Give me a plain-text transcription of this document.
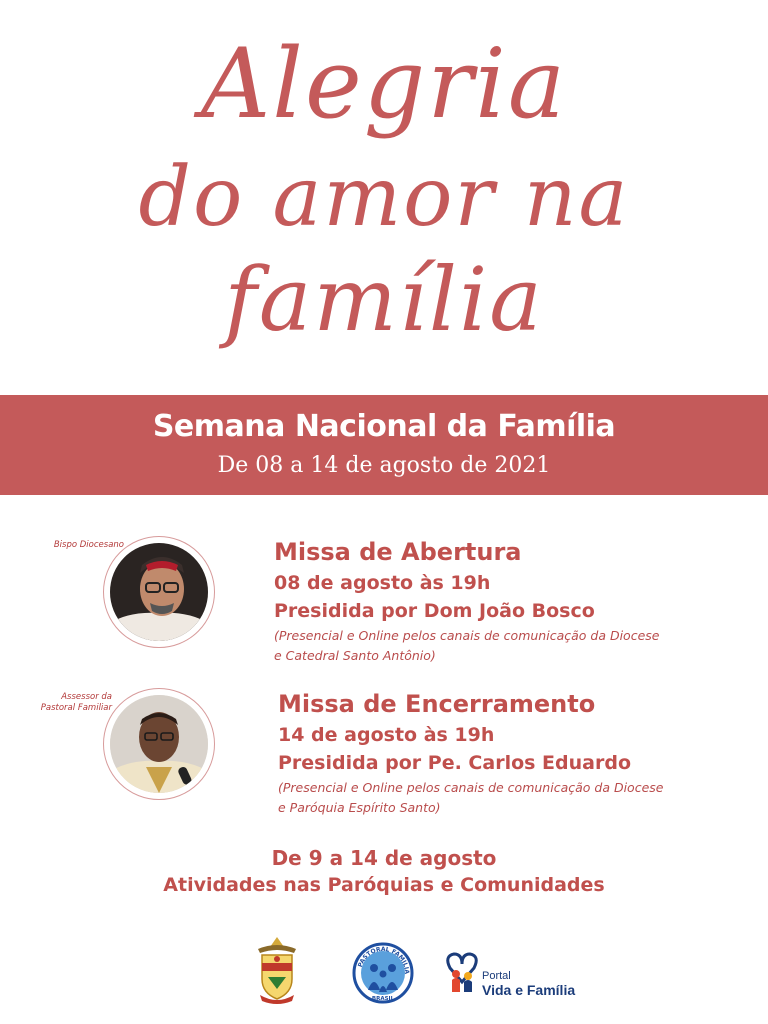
Alegria
do amor na
família
Semana Nacional da Família
De 08 a 14 de agosto de 2021
Bispo Diocesano	Missa de Abertura
08 de agosto às 19h
Presidida por Dom João Bosco
(Presencial e Online pelos canais de comunicação da Diocese
e Catedral Santo Antônio)
Assessor da
Pastoral Familiar	Missa de Encerramento
14 de agosto às 19h
Presidida por Pe. Carlos Eduardo
(Presencial e Online pelos canais de comunicação da Diocese
e Paróquia Espírito Santo)
De 9 a 14 de agosto
Atividades nas Paróquias e Comunidades
PASTORAL FAMILIA
BRASIL
Portal
Vida e Família
